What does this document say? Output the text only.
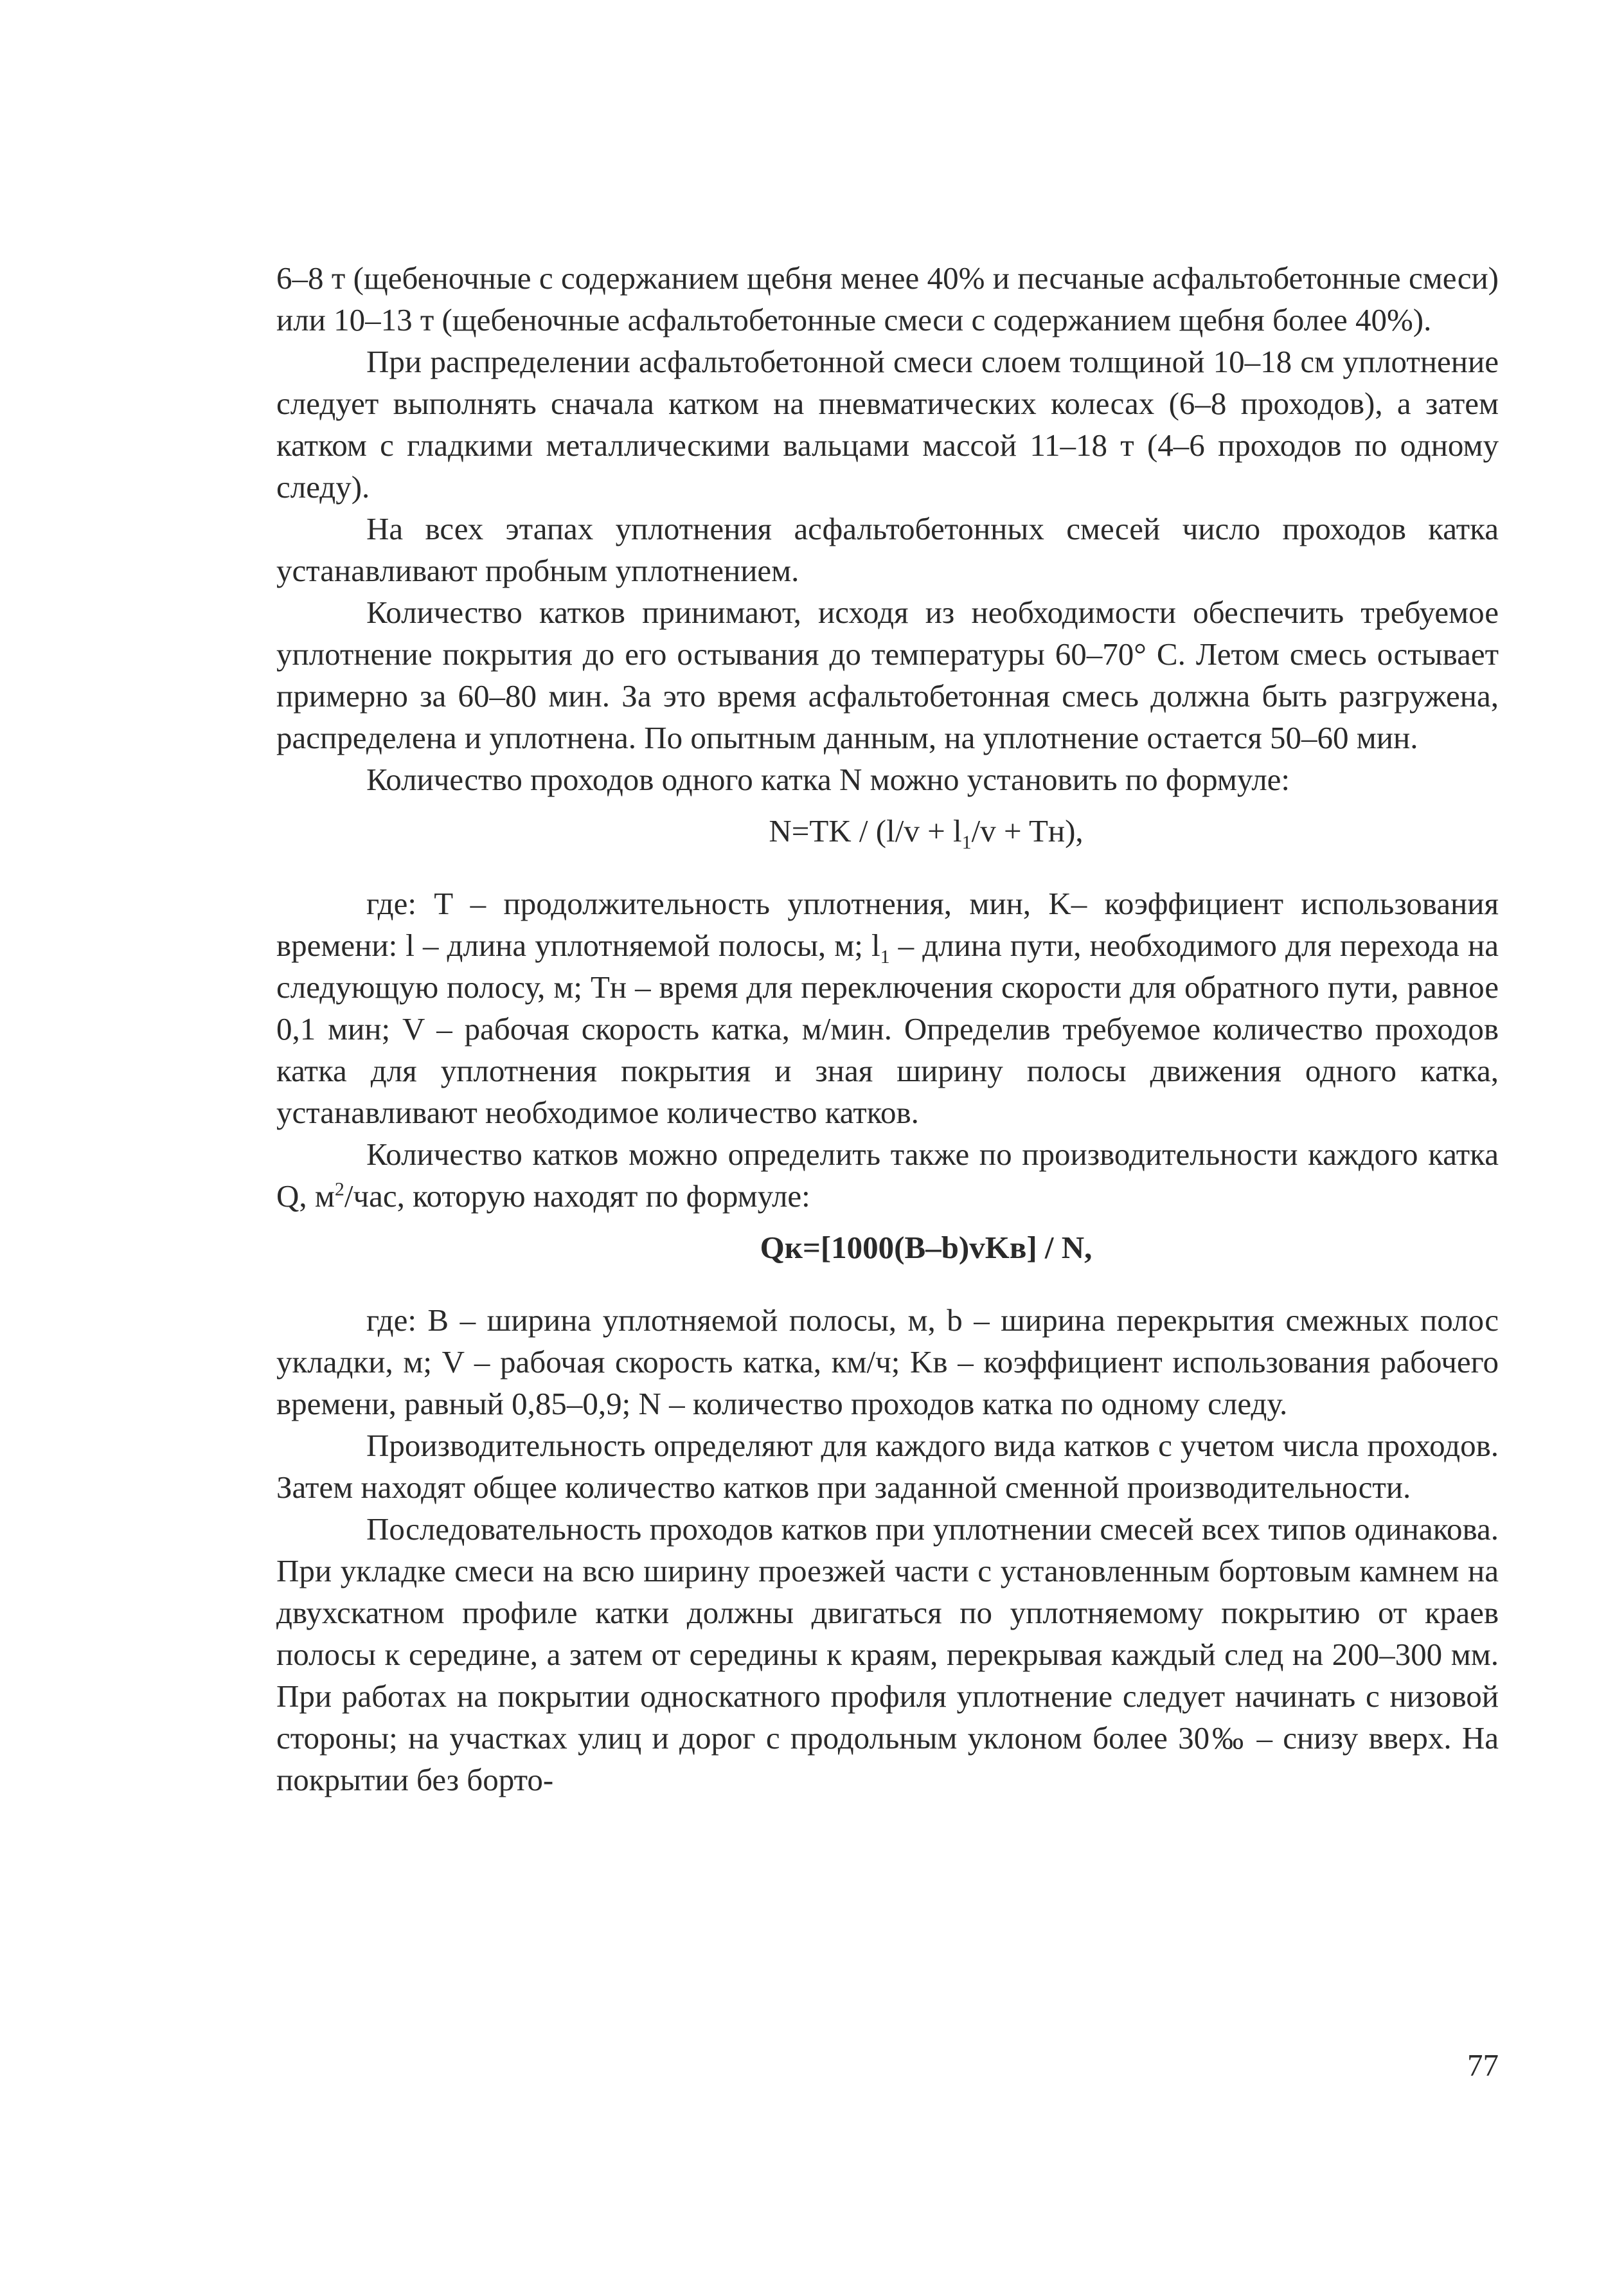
6–8 т (щебеночные с содержанием щебня менее 40% и песчаные асфальтобетонные смеси) или 10–13 т (щебеночные асфальтобетонные смеси с содержанием щебня более 40%).

При распределении асфальтобетонной смеси слоем толщиной 10–18 см уплотнение следует выполнять сначала катком на пневматических колесах (6–8 проходов), а затем катком с гладкими металлическими вальцами массой 11–18 т (4–6 проходов по одному следу).

На всех этапах уплотнения асфальтобетонных смесей число проходов катка устанавливают пробным уплотнением.

Количество катков принимают, исходя из необходимости обеспечить требуемое уплотнение покрытия до его остывания до температуры 60–70° С. Летом смесь остывает примерно за 60–80 мин. За это время асфальтобетонная смесь должна быть разгружена, распределена и уплотнена. По опытным данным, на уплотнение остается 50–60 мин.

Количество проходов одного катка N можно установить по формуле:

$N=TK / (l/v + l_1/v + Tн)$,

где: T – продолжительность уплотнения, мин, K– коэффициент использования времени: l – длина уплотняемой полосы, м; $l_1$ – длина пути, необходимого для перехода на следующую полосу, м; Tн – время для переключения скорости для обратного пути, равное 0,1 мин; V – рабочая скорость катка, м/мин. Определив требуемое количество проходов катка для уплотнения покрытия и зная ширину полосы движения одного катка, устанавливают необходимое количество катков.

Количество катков можно определить также по производительности каждого катка Q, $м^2$/час, которую находят по формуле:

Qк=[1000(B–b)vKв] / N,

где: B – ширина уплотняемой полосы, м, b – ширина перекрытия смежных полос укладки, м; V – рабочая скорость катка, км/ч; Kв – коэффициент использования рабочего времени, равный 0,85–0,9; N – количество проходов катка по одному следу.

Производительность определяют для каждого вида катков с учетом числа проходов. Затем находят общее количество катков при заданной сменной производительности.

Последовательность проходов катков при уплотнении смесей всех типов одинакова. При укладке смеси на всю ширину проезжей части с установленным бортовым камнем на двухскатном профиле катки должны двигаться по уплотняемому покрытию от краев полосы к середине, а затем от середины к краям, перекрывая каждый след на 200–300 мм. При работах на покрытии односкатного профиля уплотнение следует начинать с низовой стороны; на участках улиц и дорог с продольным уклоном более 30‰ – снизу вверх. На покрытии без борто-

77
